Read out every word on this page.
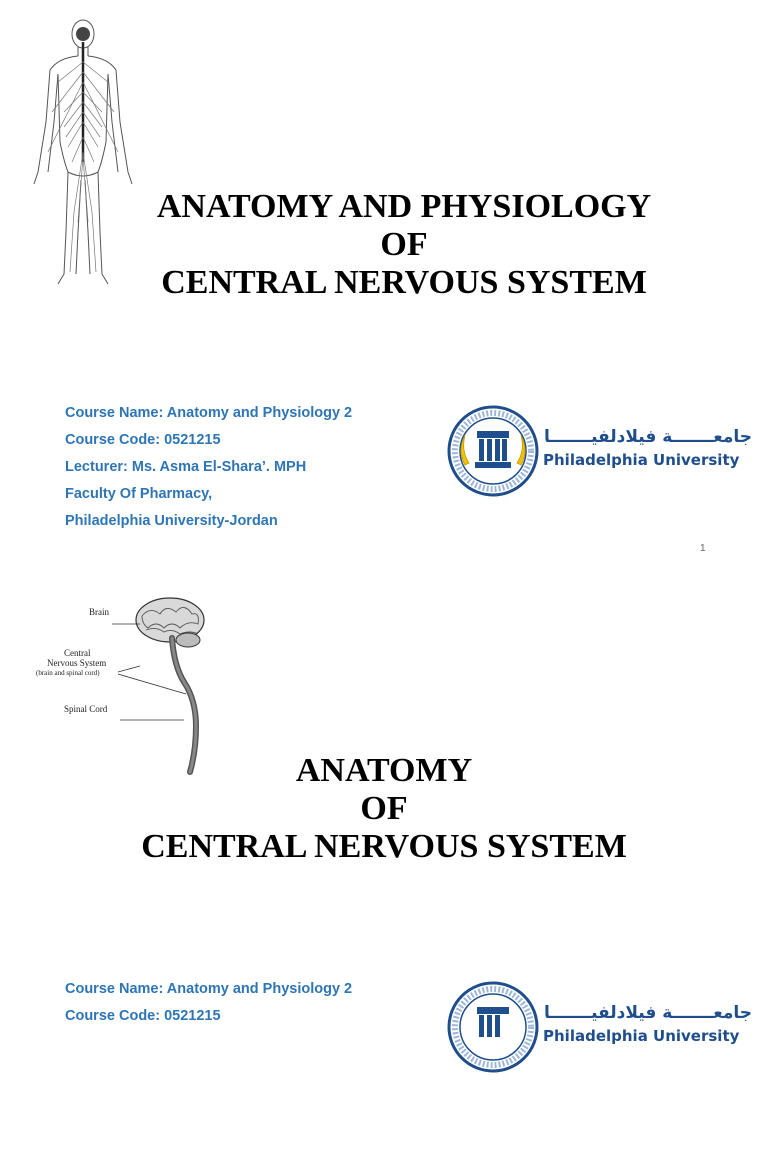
ANATOMY AND PHYSIOLOGY
OF
CENTRAL NERVOUS SYSTEM
Course Name: Anatomy and Physiology 2
Course Code: 0521215
Lecturer: Ms. Asma El-Shara’. MPH
Faculty Of Pharmacy,
Philadelphia University-Jordan
جامعـــــــة فيلادلفيـــــــا
Philadelphia University
1
Brain
Central
Nervous System
(brain and spinal cord)
Spinal Cord
ANATOMY
OF
CENTRAL NERVOUS SYSTEM
Course Name: Anatomy and Physiology 2
Course Code: 0521215	جامعـــــــة فيلادلفيـــــــا
Philadelphia University
